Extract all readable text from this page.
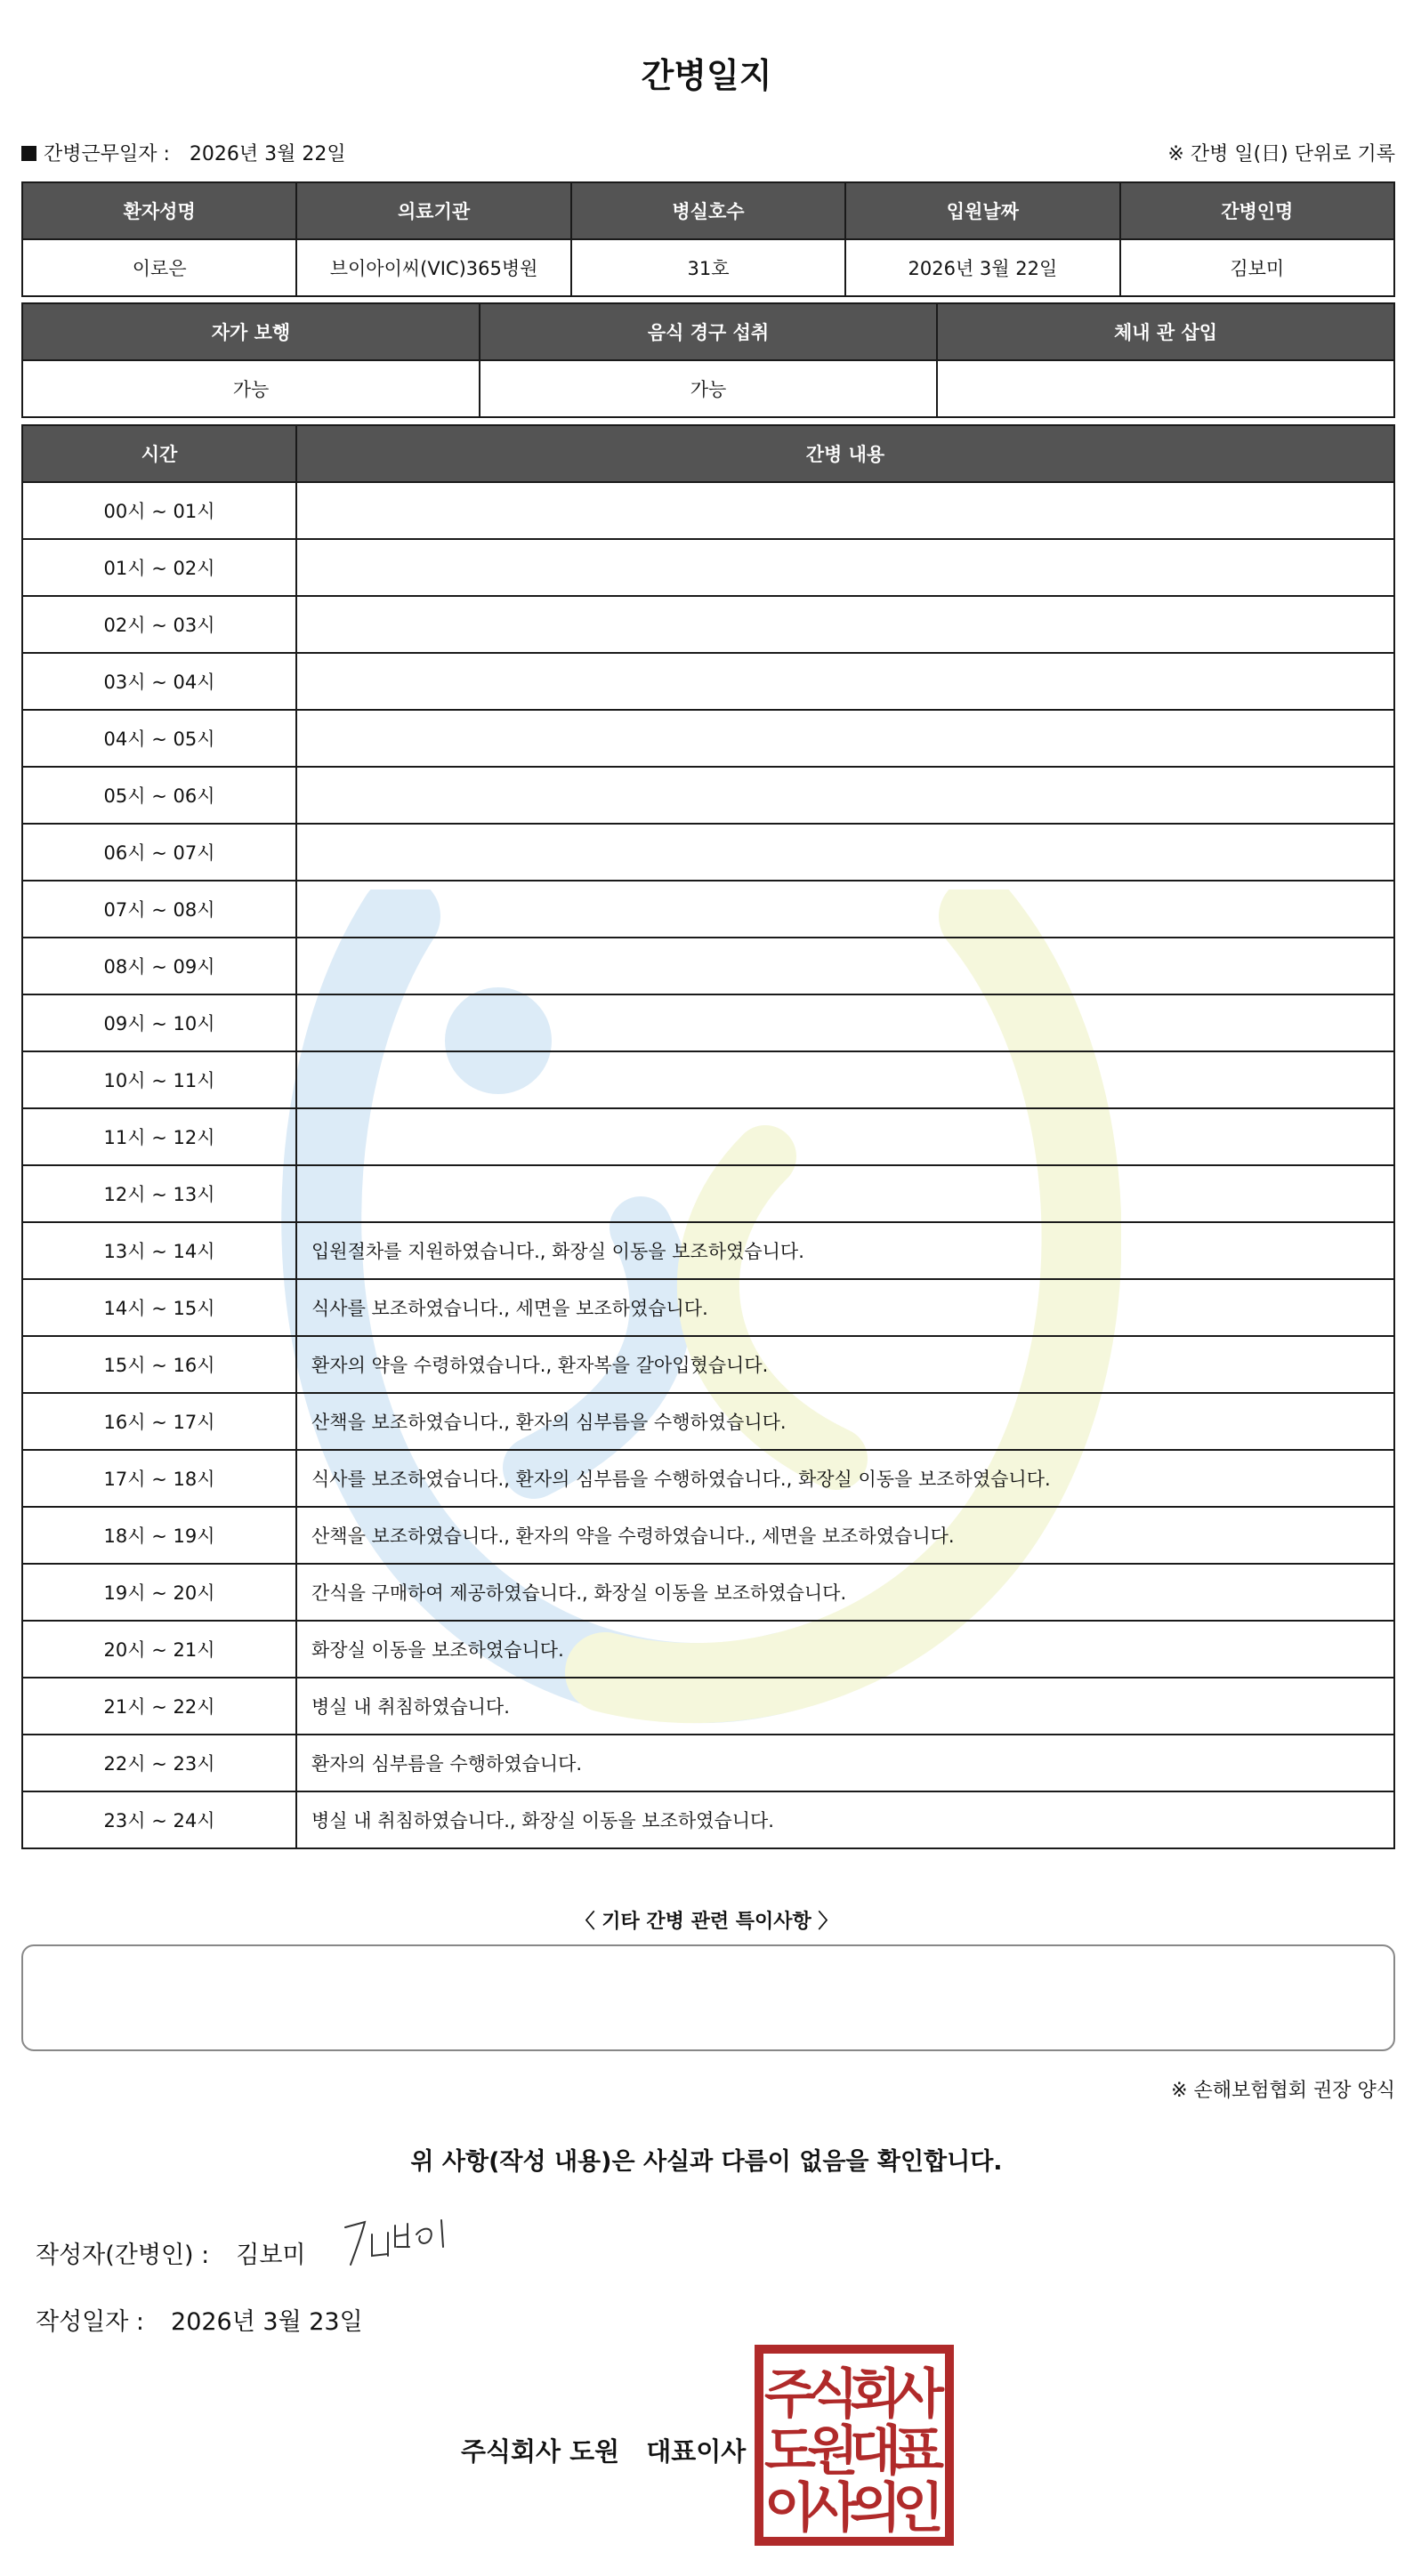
간병일지
간병근무일자 : 2026년 3월 22일	※ 간병 일(日) 단위로 기록
환자성명	의료기관	병실호수	입원날짜	간병인명
이로은	브이아이씨(VIC)365병원	31호	2026년 3월 22일	김보미
자가 보행	음식 경구 섭취	체내 관 삽입
가능	가능	
시간	간병 내용
00시 ~ 01시	
01시 ~ 02시	
02시 ~ 03시	
03시 ~ 04시	
04시 ~ 05시	
05시 ~ 06시	
06시 ~ 07시	
07시 ~ 08시	
08시 ~ 09시	
09시 ~ 10시	
10시 ~ 11시	
11시 ~ 12시	
12시 ~ 13시	
13시 ~ 14시	입원절차를 지원하였습니다., 화장실 이동을 보조하였습니다.
14시 ~ 15시	식사를 보조하였습니다., 세면을 보조하였습니다.
15시 ~ 16시	환자의 약을 수령하였습니다., 환자복을 갈아입혔습니다.
16시 ~ 17시	산책을 보조하였습니다., 환자의 심부름을 수행하였습니다.
17시 ~ 18시	식사를 보조하였습니다., 환자의 심부름을 수행하였습니다., 화장실 이동을 보조하였습니다.
18시 ~ 19시	산책을 보조하였습니다., 환자의 약을 수령하였습니다., 세면을 보조하였습니다.
19시 ~ 20시	간식을 구매하여 제공하였습니다., 화장실 이동을 보조하였습니다.
20시 ~ 21시	화장실 이동을 보조하였습니다.
21시 ~ 22시	병실 내 취침하였습니다.
22시 ~ 23시	환자의 심부름을 수행하였습니다.
23시 ~ 24시	병실 내 취침하였습니다., 화장실 이동을 보조하였습니다.
〈 기타 간병 관련 특이사항 〉
※ 손해보험협회 권장 양식
위 사항(작성 내용)은 사실과 다름이 없음을 확인합니다.
작성자(간병인) : 김보미
작성일자 : 2026년 3월 23일
주식회사 도원 대표이사
주
식
회
사
도
원
대
표
이
사
의
인
